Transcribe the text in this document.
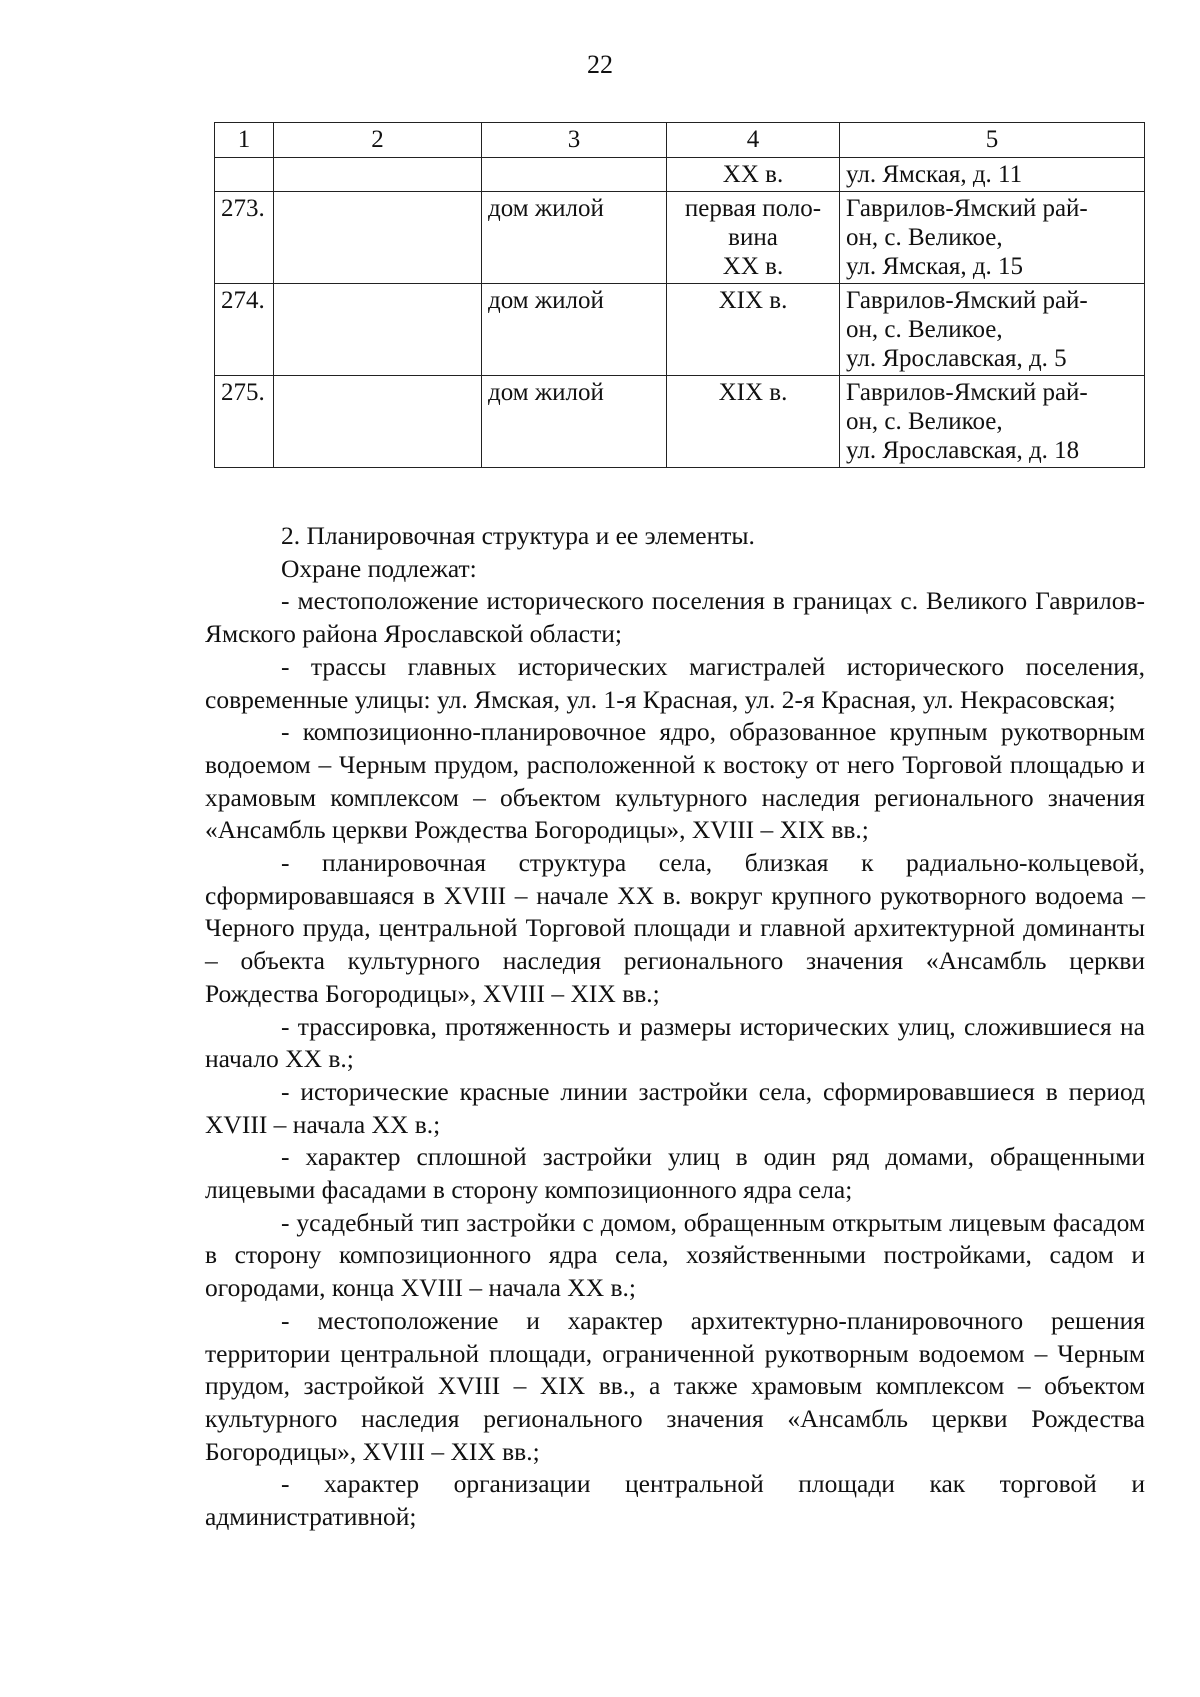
22
1	2	3	4	5

			XX в.	ул. Ямская, д. 11

273.		дом жилой	первая поло-
вина
XX в.	Гаврилов-Ямский рай-
он, с. Великое,
ул. Ямская, д. 15

274.		дом жилой	XIX в.	Гаврилов-Ямский рай-
он, с. Великое,
ул. Ярославская, д. 5

275.		дом жилой	XIX в.	Гаврилов-Ямский рай-
он, с. Великое,
ул. Ярославская, д. 18

2. Планировочная структура и ее элементы.

Охране подлежат:

- местоположение исторического поселения в границах с. Великого Гаврилов-Ямского района Ярославской области;

- трассы главных исторических магистралей исторического поселения, современные улицы: ул. Ямская, ул. 1-я Красная, ул. 2-я Красная, ул. Некрасовская;

- композиционно-планировочное ядро, образованное крупным рукотворным водоемом – Черным прудом, расположенной к востоку от него Торговой площадью и храмовым комплексом – объектом культурного наследия регионального значения «Ансамбль церкви Рождества Богородицы», XVIII – XIX вв.;

- планировочная структура села, близкая к радиально-кольцевой, сформировавшаяся в XVIII – начале XX в. вокруг крупного рукотворного водоема – Черного пруда, центральной Торговой площади и главной архитектурной доминанты – объекта культурного наследия регионального значения «Ансамбль церкви Рождества Богородицы», XVIII – XIX вв.;

- трассировка, протяженность и размеры исторических улиц, сложившиеся на начало XX в.;

- исторические красные линии застройки села, сформировавшиеся в период XVIII – начала XX в.;

- характер сплошной застройки улиц в один ряд домами, обращенными лицевыми фасадами в сторону композиционного ядра села;

- усадебный тип застройки с домом, обращенным открытым лицевым фасадом в сторону композиционного ядра села, хозяйственными постройками, садом и огородами, конца XVIII – начала XX в.;

- местоположение и характер архитектурно-планировочного решения территории центральной площади, ограниченной рукотворным водоемом – Черным прудом, застройкой XVIII – XIX вв., а также храмовым комплексом – объектом культурного наследия регионального значения «Ансамбль церкви Рождества Богородицы», XVIII – XIX вв.;

- характер организации центральной площади как торговой и административной;
